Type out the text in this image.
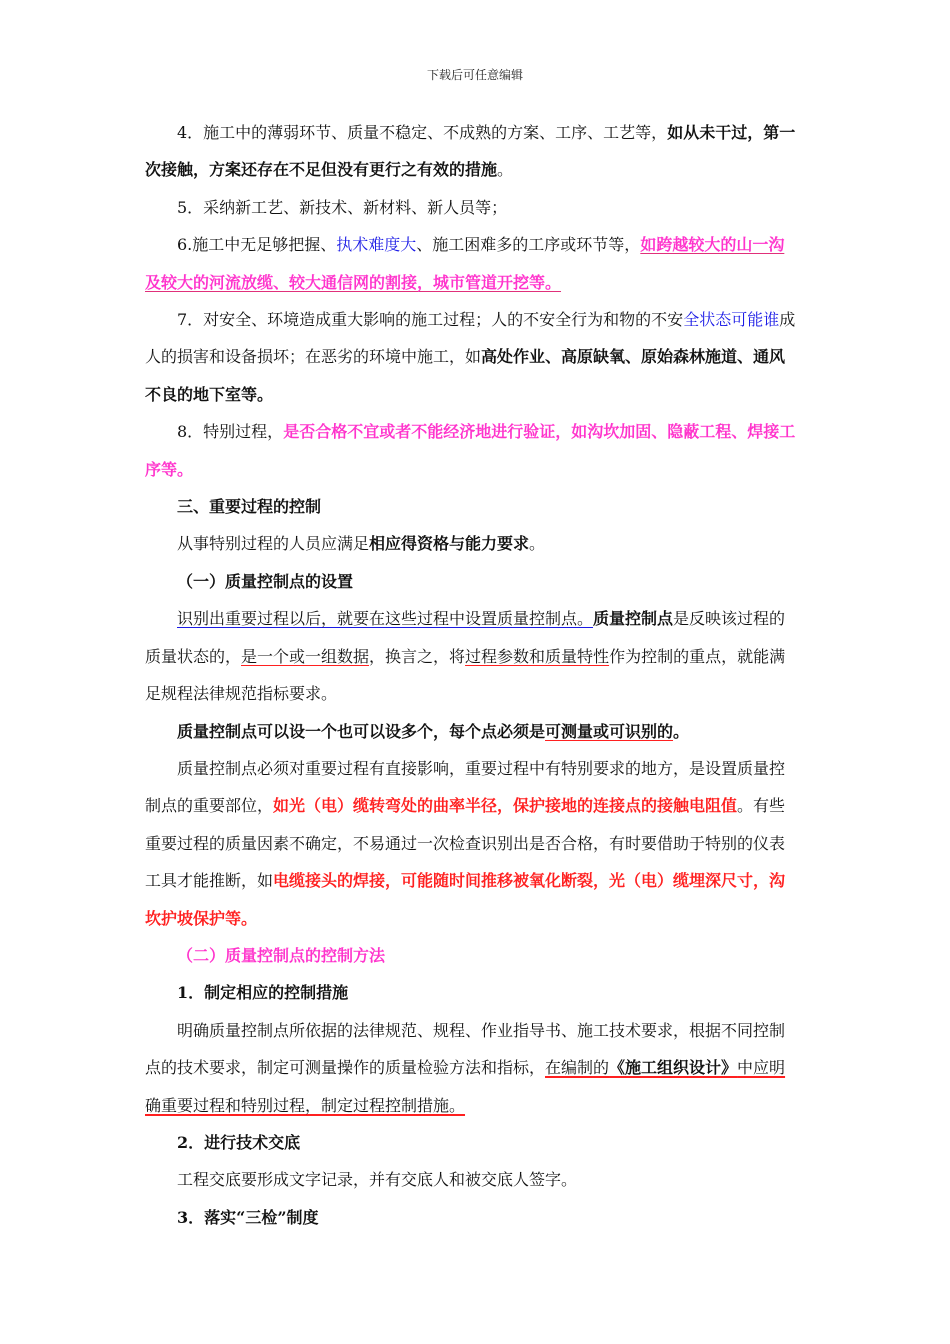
下载后可任意编辑

4．施工中的薄弱环节、质量不稳定、不成熟的方案、工序、工艺等，如从未干过，第一次接触，方案还存在不足但没有更行之有效的措施。

5．采纳新工艺、新技术、新材料、新人员等；

6.施工中无足够把握、执术难度大、施工困难多的工序或环节等，如跨越较大的山一沟及较大的河流放缆、较大通信网的割接，城市管道开挖等。

7．对安全、环境造成重大影响的施工过程；人的不安全行为和物的不安全状态可能谁成人的损害和设备损坏；在恶劣的环境中施工，如高处作业、高原缺氧、原始森林施道、通风不良的地下室等。

8．特别过程，是否合格不宜或者不能经济地进行验证，如沟坎加固、隐蔽工程、焊接工序等。

三、重要过程的控制

从事特别过程的人员应满足相应得资格与能力要求。

（一）质量控制点的设置

识别出重要过程以后，就要在这些过程中设置质量控制点。质量控制点是反映该过程的质量状态的，是一个或一组数据，换言之，将过程参数和质量特性作为控制的重点，就能满足规程法律规范指标要求。

质量控制点可以设一个也可以设多个，每个点必须是可测量或可识别的。

质量控制点必须对重要过程有直接影响，重要过程中有特别要求的地方，是设置质量控制点的重要部位，如光（电）缆转弯处的曲率半径，保护接地的连接点的接触电阻值。有些重要过程的质量因素不确定，不易通过一次检查识别出是否合格，有时要借助于特别的仪表工具才能推断，如电缆接头的焊接，可能随时间推移被氧化断裂，光（电）缆埋深尺寸，沟坎护坡保护等。

（二）质量控制点的控制方法

1．制定相应的控制措施

明确质量控制点所依据的法律规范、规程、作业指导书、施工技术要求，根据不同控制点的技术要求，制定可测量操作的质量检验方法和指标，在编制的《施工组织设计》中应明确重要过程和特别过程，制定过程控制措施。

2．进行技术交底

工程交底要形成文字记录，并有交底人和被交底人签字。

3．落实“三检”制度
